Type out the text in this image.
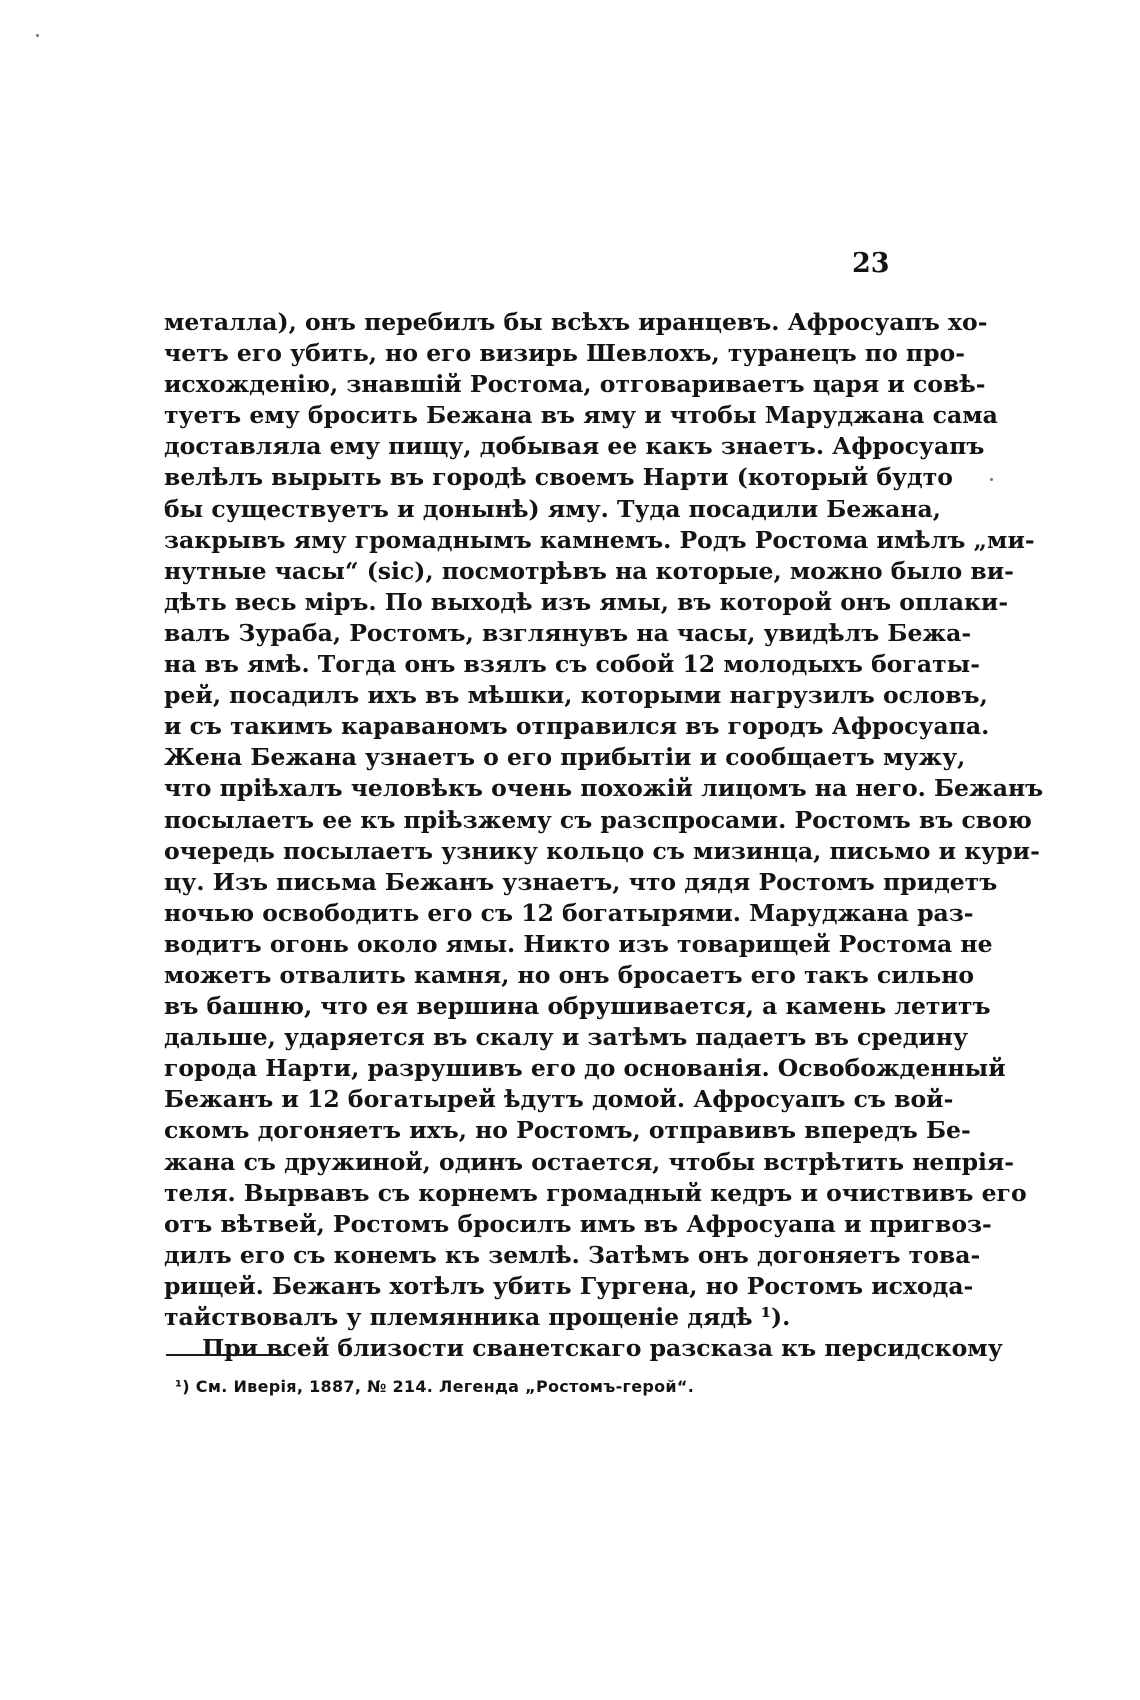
23
металла), онъ перебилъ бы всѣхъ иранцевъ. Афросуапъ хо-
четъ его убить, но его визирь Шевлохъ, туранецъ по про-
исхожденію, знавшій Ростома, отговариваетъ царя и совѣ-
туетъ ему бросить Бежана въ яму и чтобы Маруджана сама
доставляла ему пищу, добывая ее какъ знаетъ. Афросуапъ
велѣлъ вырыть въ городѣ своемъ Нарти (который будто
бы существуетъ и донынѣ) яму. Туда посадили Бежана,
закрывъ яму громаднымъ камнемъ. Родъ Ростома имѣлъ „ми-
нутные часы“ (sic), посмотрѣвъ на которые, можно было ви-
дѣть весь міръ. По выходѣ изъ ямы, въ которой онъ оплаки-
валъ Зураба, Ростомъ, взглянувъ на часы, увидѣлъ Бежа-
на въ ямѣ. Тогда онъ взялъ съ собой 12 молодыхъ богаты-
рей, посадилъ ихъ въ мѣшки, которыми нагрузилъ ословъ,
и съ такимъ караваномъ отправился въ городъ Афросуапа.
Жена Бежана узнаетъ о его прибытіи и сообщаетъ мужу,
что пріѣхалъ человѣкъ очень похожій лицомъ на него. Бежанъ
посылаетъ ее къ пріѣзжему съ разспросами. Ростомъ въ свою
очередь посылаетъ узнику кольцо съ мизинца, письмо и кури-
цу. Изъ письма Бежанъ узнаетъ, что дядя Ростомъ придетъ
ночью освободить его съ 12 богатырями. Маруджана раз-
водитъ огонь около ямы. Никто изъ товарищей Ростома не
можетъ отвалить камня, но онъ бросаетъ его такъ сильно
въ башню, что ея вершина обрушивается, а камень летитъ
дальше, ударяется въ скалу и затѣмъ падаетъ въ средину
города Нарти, разрушивъ его до основанія. Освобожденный
Бежанъ и 12 богатырей ѣдутъ домой. Афросуапъ съ вой-
скомъ догоняетъ ихъ, но Ростомъ, отправивъ впередъ Бе-
жана съ дружиной, одинъ остается, чтобы встрѣтить непрія-
теля. Вырвавъ съ корнемъ громадный кедръ и очиствивъ его
отъ вѣтвей, Ростомъ бросилъ имъ въ Афросуапа и пригвоз-
дилъ его съ конемъ къ землѣ. Затѣмъ онъ догоняетъ това-
рищей. Бежанъ хотѣлъ убить Гургена, но Ростомъ исхода-
тайствовалъ у племянника прощеніе дядѣ ¹).
При всей близости сванетскаго разсказа къ персидскому
¹) См. Иверія, 1887, № 214. Легенда „Ростомъ-герой“.
